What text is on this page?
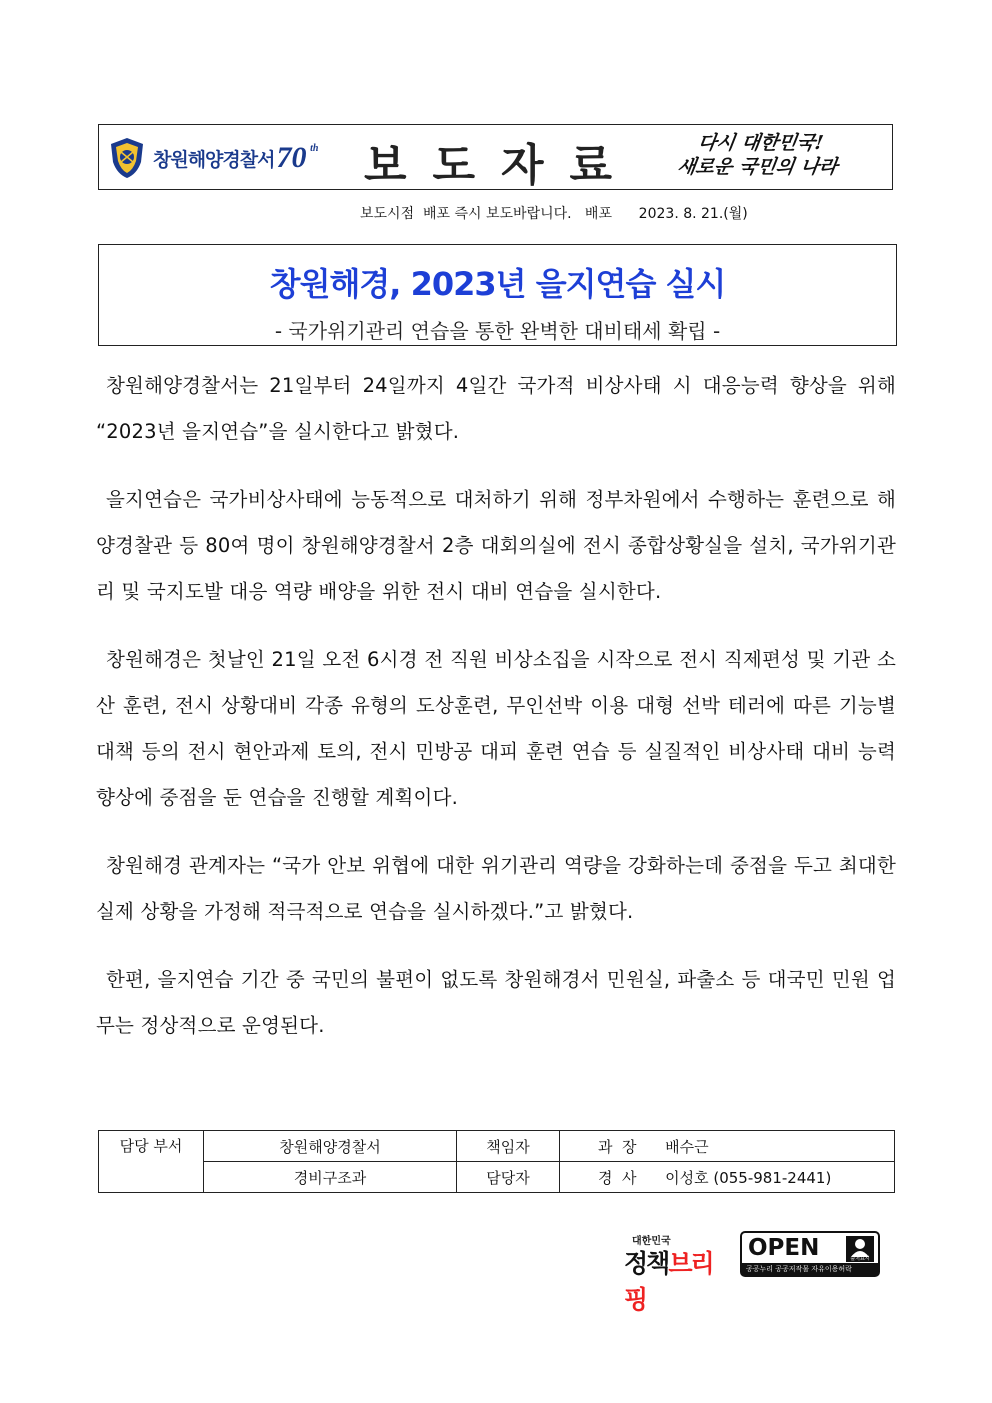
창원해양경찰서 70 th 보도자료	다시 대한민국!
새로운 국민의 나라
보도시점  배포 즉시 보도바랍니다.   배포      2023. 8. 21.(월)
창원해경, 2023년 을지연습 실시
- 국가위기관리 연습을 통한 완벽한 대비태세 확립 -

창원해양경찰서는 21일부터 24일까지 4일간 국가적 비상사태 시 대응능력 향상을 위해 “2023년 을지연습”을 실시한다고 밝혔다.

을지연습은 국가비상사태에 능동적으로 대처하기 위해 정부차원에서 수행하는 훈련으로 해양경찰관 등 80여 명이 창원해양경찰서 2층 대회의실에 전시 종합상황실을 설치, 국가위기관리 및 국지도발 대응 역량 배양을 위한 전시 대비 연습을 실시한다.

창원해경은 첫날인 21일 오전 6시경 전 직원 비상소집을 시작으로 전시 직제편성 및 기관 소산 훈련, 전시 상황대비 각종 유형의 도상훈련, 무인선박 이용 대형 선박 테러에 따른 기능별 대책 등의 전시 현안과제 토의, 전시 민방공 대피 훈련 연습 등 실질적인 비상사태 대비 능력 향상에 중점을 둔 연습을 진행할 계획이다.

창원해경 관계자는 “국가 안보 위협에 대한 위기관리 역량을 강화하는데 중점을 두고 최대한 실제 상황을 가정해 적극적으로 연습을 실시하겠다.”고 밝혔다.

한편, 을지연습 기간 중 국민의 불편이 없도록 창원해경서 민원실, 파출소 등 대국민 민원 업무는 정상적으로 운영된다.

담당 부서	창원해양경찰서	책임자	과  장      배수근
	경비구조과	담당자	경  사      이성호 (055-981-2441)
대한민국
정책브리핑
OPEN	출처표시
공공누리 공공저작물 자유이용허락
